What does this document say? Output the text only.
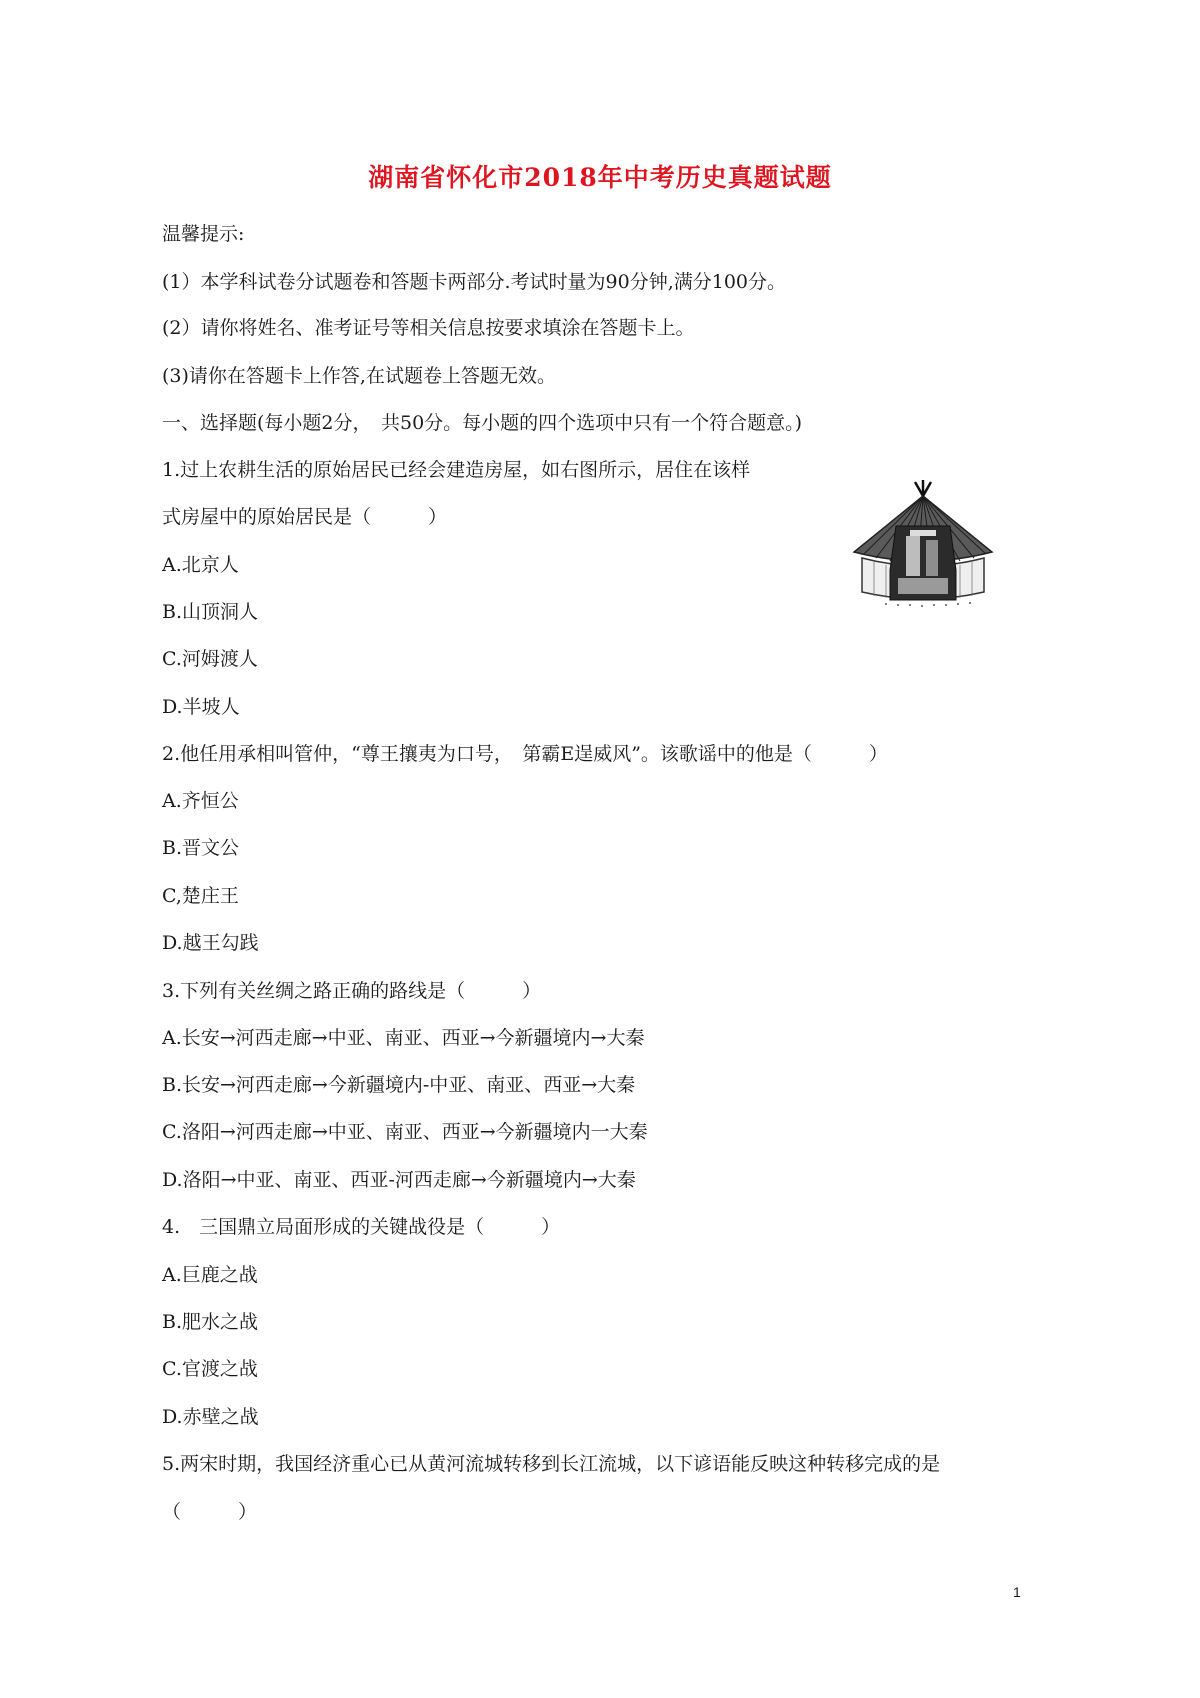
湖南省怀化市2018年中考历史真题试题
温馨提示:
(1）本学科试卷分试题卷和答题卡两部分.考试时量为90分钟,满分100分。
(2）请你将姓名、准考证号等相关信息按要求填涂在答题卡上。
(3)请你在答题卡上作答,在试题卷上答题无效。
一、选择题(每小题2分，　共50分。每小题的四个选项中只有一个符合题意。)
1.过上农耕生活的原始居民已经会建造房屋，如右图所示，居住在该样
式房屋中的原始居民是（　　　）
A.北京人
B.山顶洞人
C.河姆渡人
D.半坡人
2.他任用承相叫管仲，“尊王攘夷为口号，　第霸E逞威风”。该歌谣中的他是（　　　）
A.齐恒公
B.晋文公
C,楚庄王
D.越王勾践
3.下列有关丝绸之路正确的路线是（　　　）
A.长安→河西走廊→中亚、南亚、西亚→今新疆境内→大秦
B.长安→河西走廊→今新疆境内-中亚、南亚、西亚→大秦
C.洛阳→河西走廊→中亚、南亚、西亚→今新疆境内一大秦
D.洛阳→中亚、南亚、西亚-河西走廊→今新疆境内→大秦
4.　三国鼎立局面形成的关键战役是（　　　）
A.巨鹿之战
B.肥水之战
C.官渡之战
D.赤壁之战
5.两宋时期，我国经济重心已从黄河流城转移到长江流城，以下谚语能反映这种转移完成的是
（　　　）
1
